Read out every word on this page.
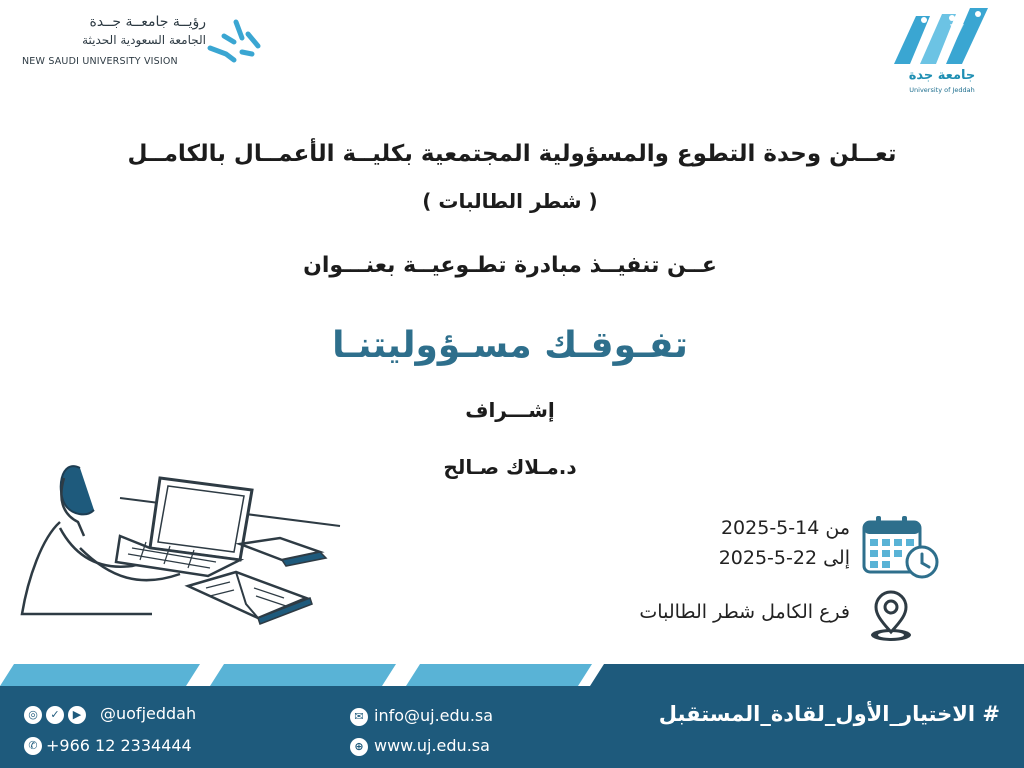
رؤيــة جامعــة جــدة
الجامعة السعودية الحديثة
NEW SAUDI UNIVERSITY VISION
جامعة جدة
University of Jeddah
تعــلن وحدة التطوع والمسؤولية المجتمعية بكليــة الأعمــال بالكامــل
( شطر الطالبات )
عــن تنفيــذ مبادرة تطـوعيــة بعنـــوان
تفـوقـك مسـؤوليتنـا
إشـــراف
د.مـلاك صـالح
من 14-5-2025
إلى 22-5-2025
فرع الكامل شطر الطالبات
# الاختيار_الأول_لقادة_المستقبل
◎	✓	▶ @uofjeddah
✆ +966 12 2334444
✉ info@uj.edu.sa
⊕ www.uj.edu.sa
